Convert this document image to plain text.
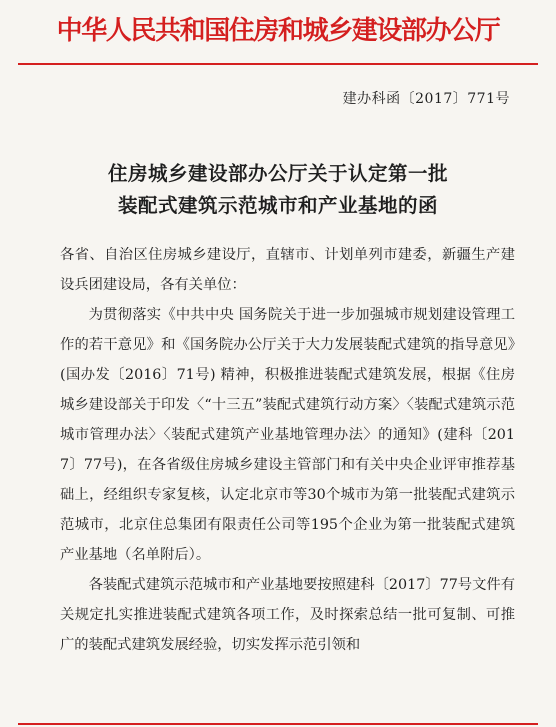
中华人民共和国住房和城乡建设部办公厅
建办科函〔2017〕771号
住房城乡建设部办公厅关于认定第一批
装配式建筑示范城市和产业基地的函

各省、自治区住房城乡建设厅，直辖市、计划单列市建委，新疆生产建设兵团建设局，各有关单位：

为贯彻落实《中共中央 国务院关于进一步加强城市规划建设管理工作的若干意见》和《国务院办公厅关于大力发展装配式建筑的指导意见》(国办发〔2016〕71号) 精神，积极推进装配式建筑发展，根据《住房城乡建设部关于印发〈“十三五”装配式建筑行动方案〉〈装配式建筑示范城市管理办法〉〈装配式建筑产业基地管理办法〉的通知》(建科〔2017〕77号)，在各省级住房城乡建设主管部门和有关中央企业评审推荐基础上，经组织专家复核，认定北京市等30个城市为第一批装配式建筑示范城市，北京住总集团有限责任公司等195个企业为第一批装配式建筑产业基地（名单附后）。

各装配式建筑示范城市和产业基地要按照建科〔2017〕77号文件有关规定扎实推进装配式建筑各项工作，及时探索总结一批可复制、可推广的装配式建筑发展经验，切实发挥示范引领和
